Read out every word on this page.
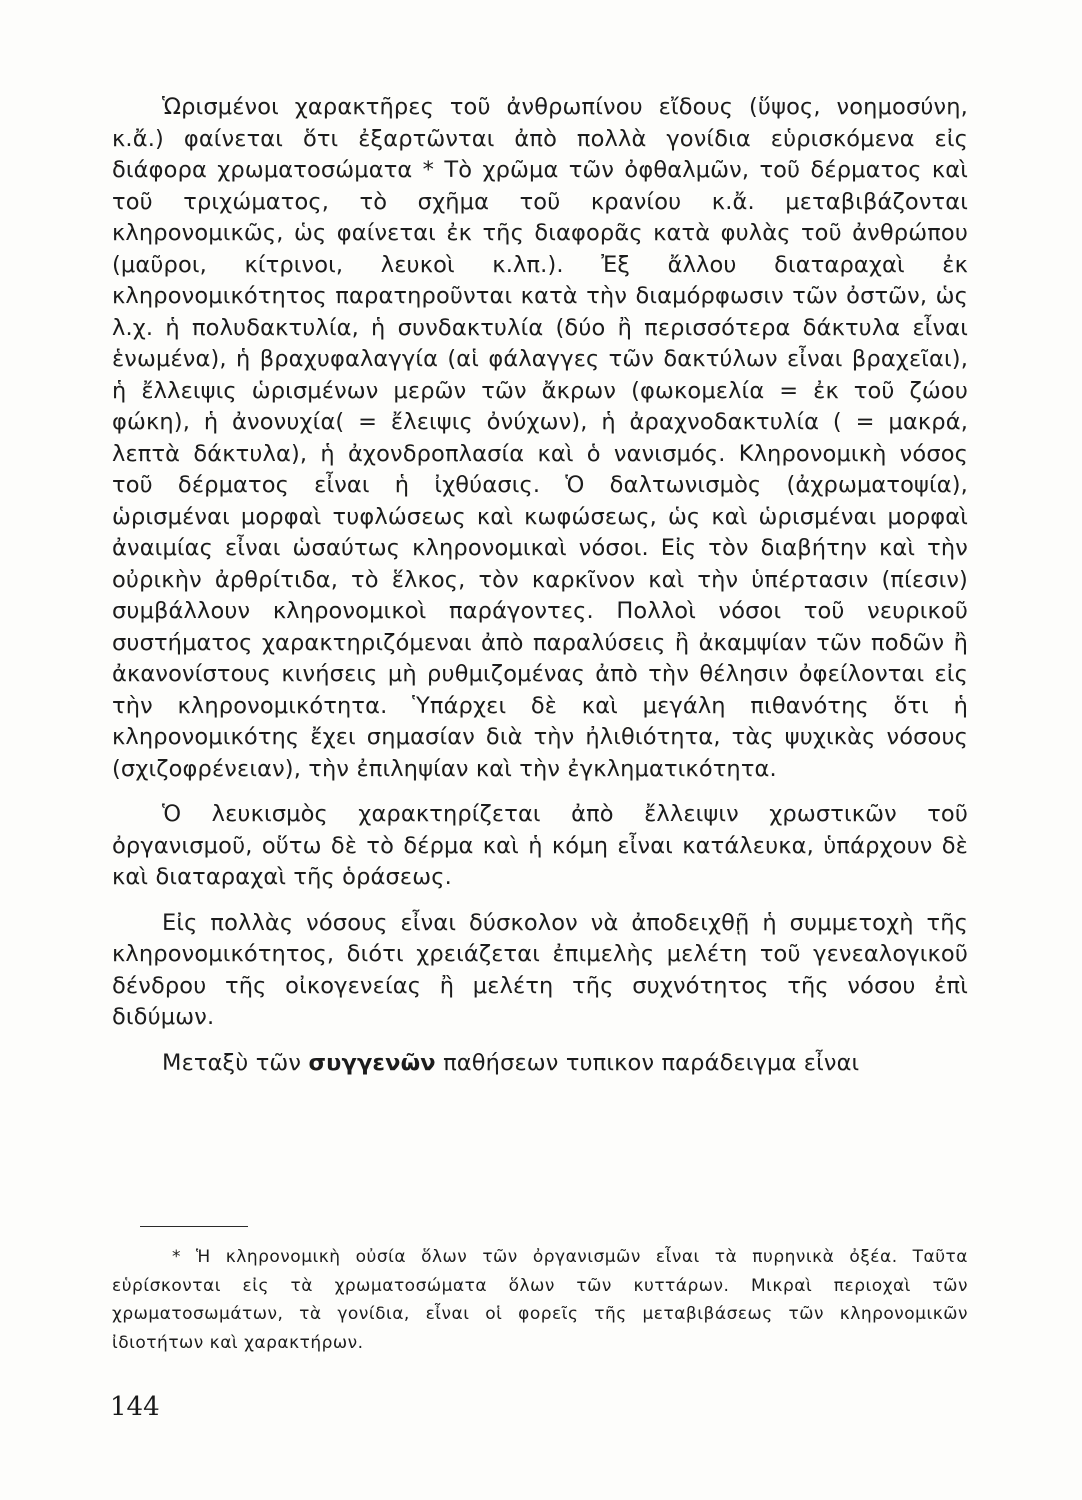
Ὡρισμένοι χαρακτῆρες τοῦ ἀνθρωπίνου εἴδους (ὕψος, νοημοσύνη, κ.ἄ.) φαίνεται ὅτι ἐξαρτῶνται ἀπὸ πολλὰ γονίδια εὑρισκόμενα εἰς διάφορα χρωματοσώματα * Τὸ χρῶμα τῶν ὀφθαλμῶν, τοῦ δέρματος καὶ τοῦ τριχώματος, τὸ σχῆμα τοῦ κρανίου κ.ἄ. μεταβιβάζονται κληρονομικῶς, ὡς φαίνεται ἐκ τῆς διαφορᾶς κατὰ φυλὰς τοῦ ἀνθρώπου (μαῦροι, κίτρινοι, λευκοὶ κ.λπ.). Ἐξ ἄλλου διαταραχαὶ ἐκ κληρονομικότητος παρατηροῦνται κατὰ τὴν διαμόρφωσιν τῶν ὀστῶν, ὡς λ.χ. ἡ πολυδακτυλία, ἡ συνδακτυλία (δύο ἢ περισσότερα δάκτυλα εἶναι ἑνωμένα), ἡ βραχυφαλαγγία (αἱ φάλαγγες τῶν δακτύλων εἶναι βραχεῖαι), ἡ ἔλλειψις ὡρισμένων μερῶν τῶν ἄκρων (φωκομελία = ἐκ τοῦ ζώου φώκη), ἡ ἀνονυχία( = ἔλειψις ὀνύχων), ἡ ἀραχνοδακτυλία ( = μακρά, λεπτὰ δάκτυλα), ἡ ἀχονδροπλασία καὶ ὁ νανισμός. Κληρονομικὴ νόσος τοῦ δέρματος εἶναι ἡ ἰχθύασις. Ὁ δαλτωνισμὸς (ἀχρωματοψία), ὡρισμέναι μορφαὶ τυφλώσεως καὶ κωφώσεως, ὡς καὶ ὡρισμέναι μορφαὶ ἀναιμίας εἶναι ὡσαύτως κληρονομικαὶ νόσοι. Εἰς τὸν διαβήτην καὶ τὴν οὐρικὴν ἀρθρίτιδα, τὸ ἕλκος, τὸν καρκῖνον καὶ τὴν ὑπέρτασιν (πίεσιν) συμβάλλουν κληρονομικοὶ παράγοντες. Πολλοὶ νόσοι τοῦ νευρικοῦ συστήματος χαρακτηριζόμεναι ἀπὸ παραλύσεις ἢ ἀκαμψίαν τῶν ποδῶν ἢ ἀκανονίστους κινήσεις μὴ ρυθμιζομένας ἀπὸ τὴν θέλησιν ὀφείλονται εἰς τὴν κληρονομικότητα. Ὑπάρχει δὲ καὶ μεγάλη πιθανότης ὅτι ἡ κληρονομικότης ἔχει σημασίαν διὰ τὴν ἠλιθιότητα, τὰς ψυχικὰς νόσους (σχιζοφρένειαν), τὴν ἐπιληψίαν καὶ τὴν ἐγκληματικότητα.

Ὁ λευκισμὸς χαρακτηρίζεται ἀπὸ ἔλλειψιν χρωστικῶν τοῦ ὀργανισμοῦ, οὕτω δὲ τὸ δέρμα καὶ ἡ κόμη εἶναι κατάλευκα, ὑπάρχουν δὲ καὶ διαταραχαὶ τῆς ὁράσεως.

Εἰς πολλὰς νόσους εἶναι δύσκολον νὰ ἀποδειχθῇ ἡ συμμετοχὴ τῆς κληρονομικότητος, διότι χρειάζεται ἐπιμελὴς μελέτη τοῦ γενεαλογικοῦ δένδρου τῆς οἰκογενείας ἢ μελέτη τῆς συχνότητος τῆς νόσου ἐπὶ διδύμων.

Μεταξὺ τῶν συγγενῶν παθήσεων τυπικον παράδειγμα εἶναι

* Ἡ κληρονομικὴ οὐσία ὅλων τῶν ὀργανισμῶν εἶναι τὰ πυρηνικὰ ὀξέα. Ταῦτα εὑρίσκονται εἰς τὰ χρωματοσώματα ὅλων τῶν κυττάρων. Μικραὶ περιοχαὶ τῶν χρωματοσωμάτων, τὰ γονίδια, εἶναι οἱ φορεῖς τῆς μεταβιβάσεως τῶν κληρονομικῶν ἰδιοτήτων καὶ χαρακτήρων.

144
